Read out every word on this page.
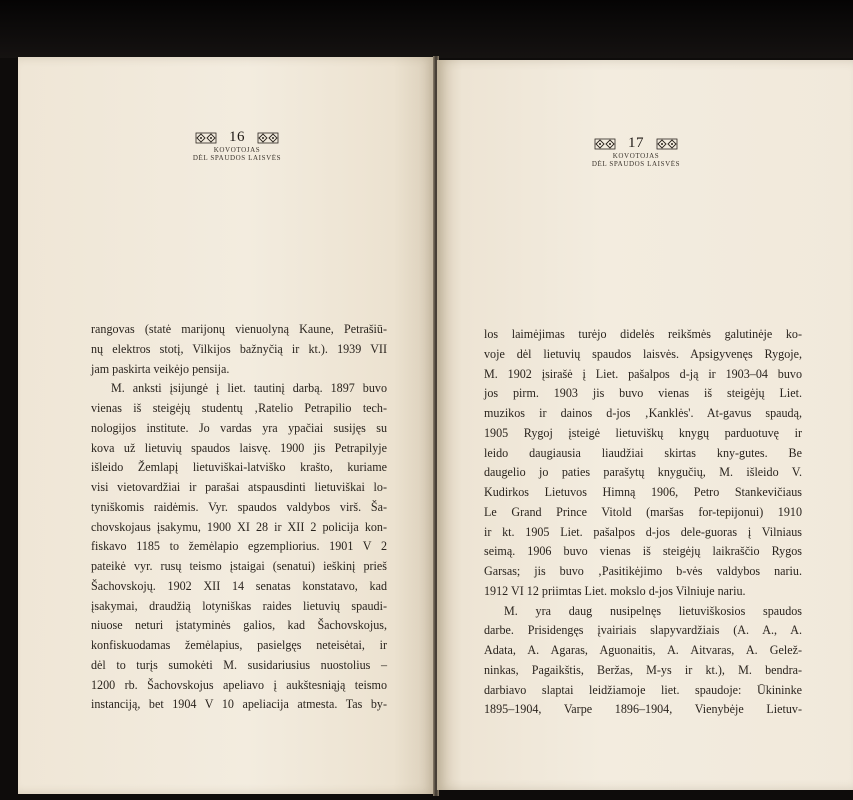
16
KOVOTOJAS
DĖL SPAUDOS LAISVĖS
rangovas (statė marijonų vienuolyną Kaune, Petrašiū-
nų elektros stotį, Vilkijos bažnyčią ir kt.). 1939 VII
jam paskirta veikėjo pensija.
M. anksti įsijungė į liet. tautinį darbą. 1897 buvo
vienas iš steigėjų studentų ‚Ratelio Petrapilio tech-
nologijos institute. Jo vardas yra ypačiai susijęs su
kova už lietuvių spaudos laisvę. 1900 jis Petrapilyje
išleido Žemlapį lietuviškai-latviško krašto, kuriame
visi vietovardžiai ir parašai atspausdinti lietuviškai lo-
tyniškomis raidėmis. Vyr. spaudos valdybos virš. Ša-
chovskojaus įsakymu, 1900 XI 28 ir XII 2 policija kon-
fiskavo 1185 to žemėlapio egzempliorius. 1901 V 2
pateikė vyr. rusų teismo įstaigai (senatui) ieškinį prieš
Šachovskojų. 1902 XII 14 senatas konstatavo, kad
įsakymai, draudžią lotyniškas raides lietuvių spaudi-
niuose neturi įstatyminės galios, kad Šachovskojus,
konfiskuodamas žemėlapius, pasielgęs neteisėtai, ir
dėl to turįs sumokėti M. susidariusius nuostolius –
1200 rb. Šachovskojus apeliavo į aukštesniąją teismo
instanciją, bet 1904 V 10 apeliacija atmesta. Tas by-
17
KOVOTOJAS
DĖL SPAUDOS LAISVĖS
los laimėjimas turėjo didelės reikšmės galutinėje ko-
voje dėl lietuvių spaudos laisvės. Apsigyvenęs Rygoje,
M. 1902 įsirašė į Liet. pašalpos d-ją ir 1903–04 buvo
jos pirm. 1903 jis buvo vienas iš steigėjų Liet.
muzikos ir dainos d-jos ‚Kanklės'. At-gavus spaudą,
1905 Rygoj įsteigė lietuviškų knygų parduotuvę ir
leido daugiausia liaudžiai skirtas kny-gutes. Be
daugelio jo paties parašytų knygučių, M. išleido V.
Kudirkos Lietuvos Himną 1906, Petro Stankevičiaus
Le Grand Prince Vitold (maršas for-tepijonui) 1910
ir kt. 1905 Liet. pašalpos d-jos dele-guoras į Vilniaus
seimą. 1906 buvo vienas iš steigėjų laikraščio Rygos
Garsas; jis buvo ‚Pasitikėjimo b-vės valdybos nariu.
1912 VI 12 priimtas Liet. mokslo d-jos Vilniuje nariu.
M. yra daug nusipelnęs lietuviškosios spaudos
darbe. Prisidengęs įvairiais slapyvardžiais (A. A., A.
Adata, A. Agaras, Aguonaitis, A. Aitvaras, A. Gelež-
ninkas, Pagaikštis, Beržas, M-ys ir kt.), M. bendra-
darbiavo slaptai leidžiamoje liet. spaudoje: Ūkininke
1895–1904, Varpe 1896–1904, Vienybėje Lietuv-
